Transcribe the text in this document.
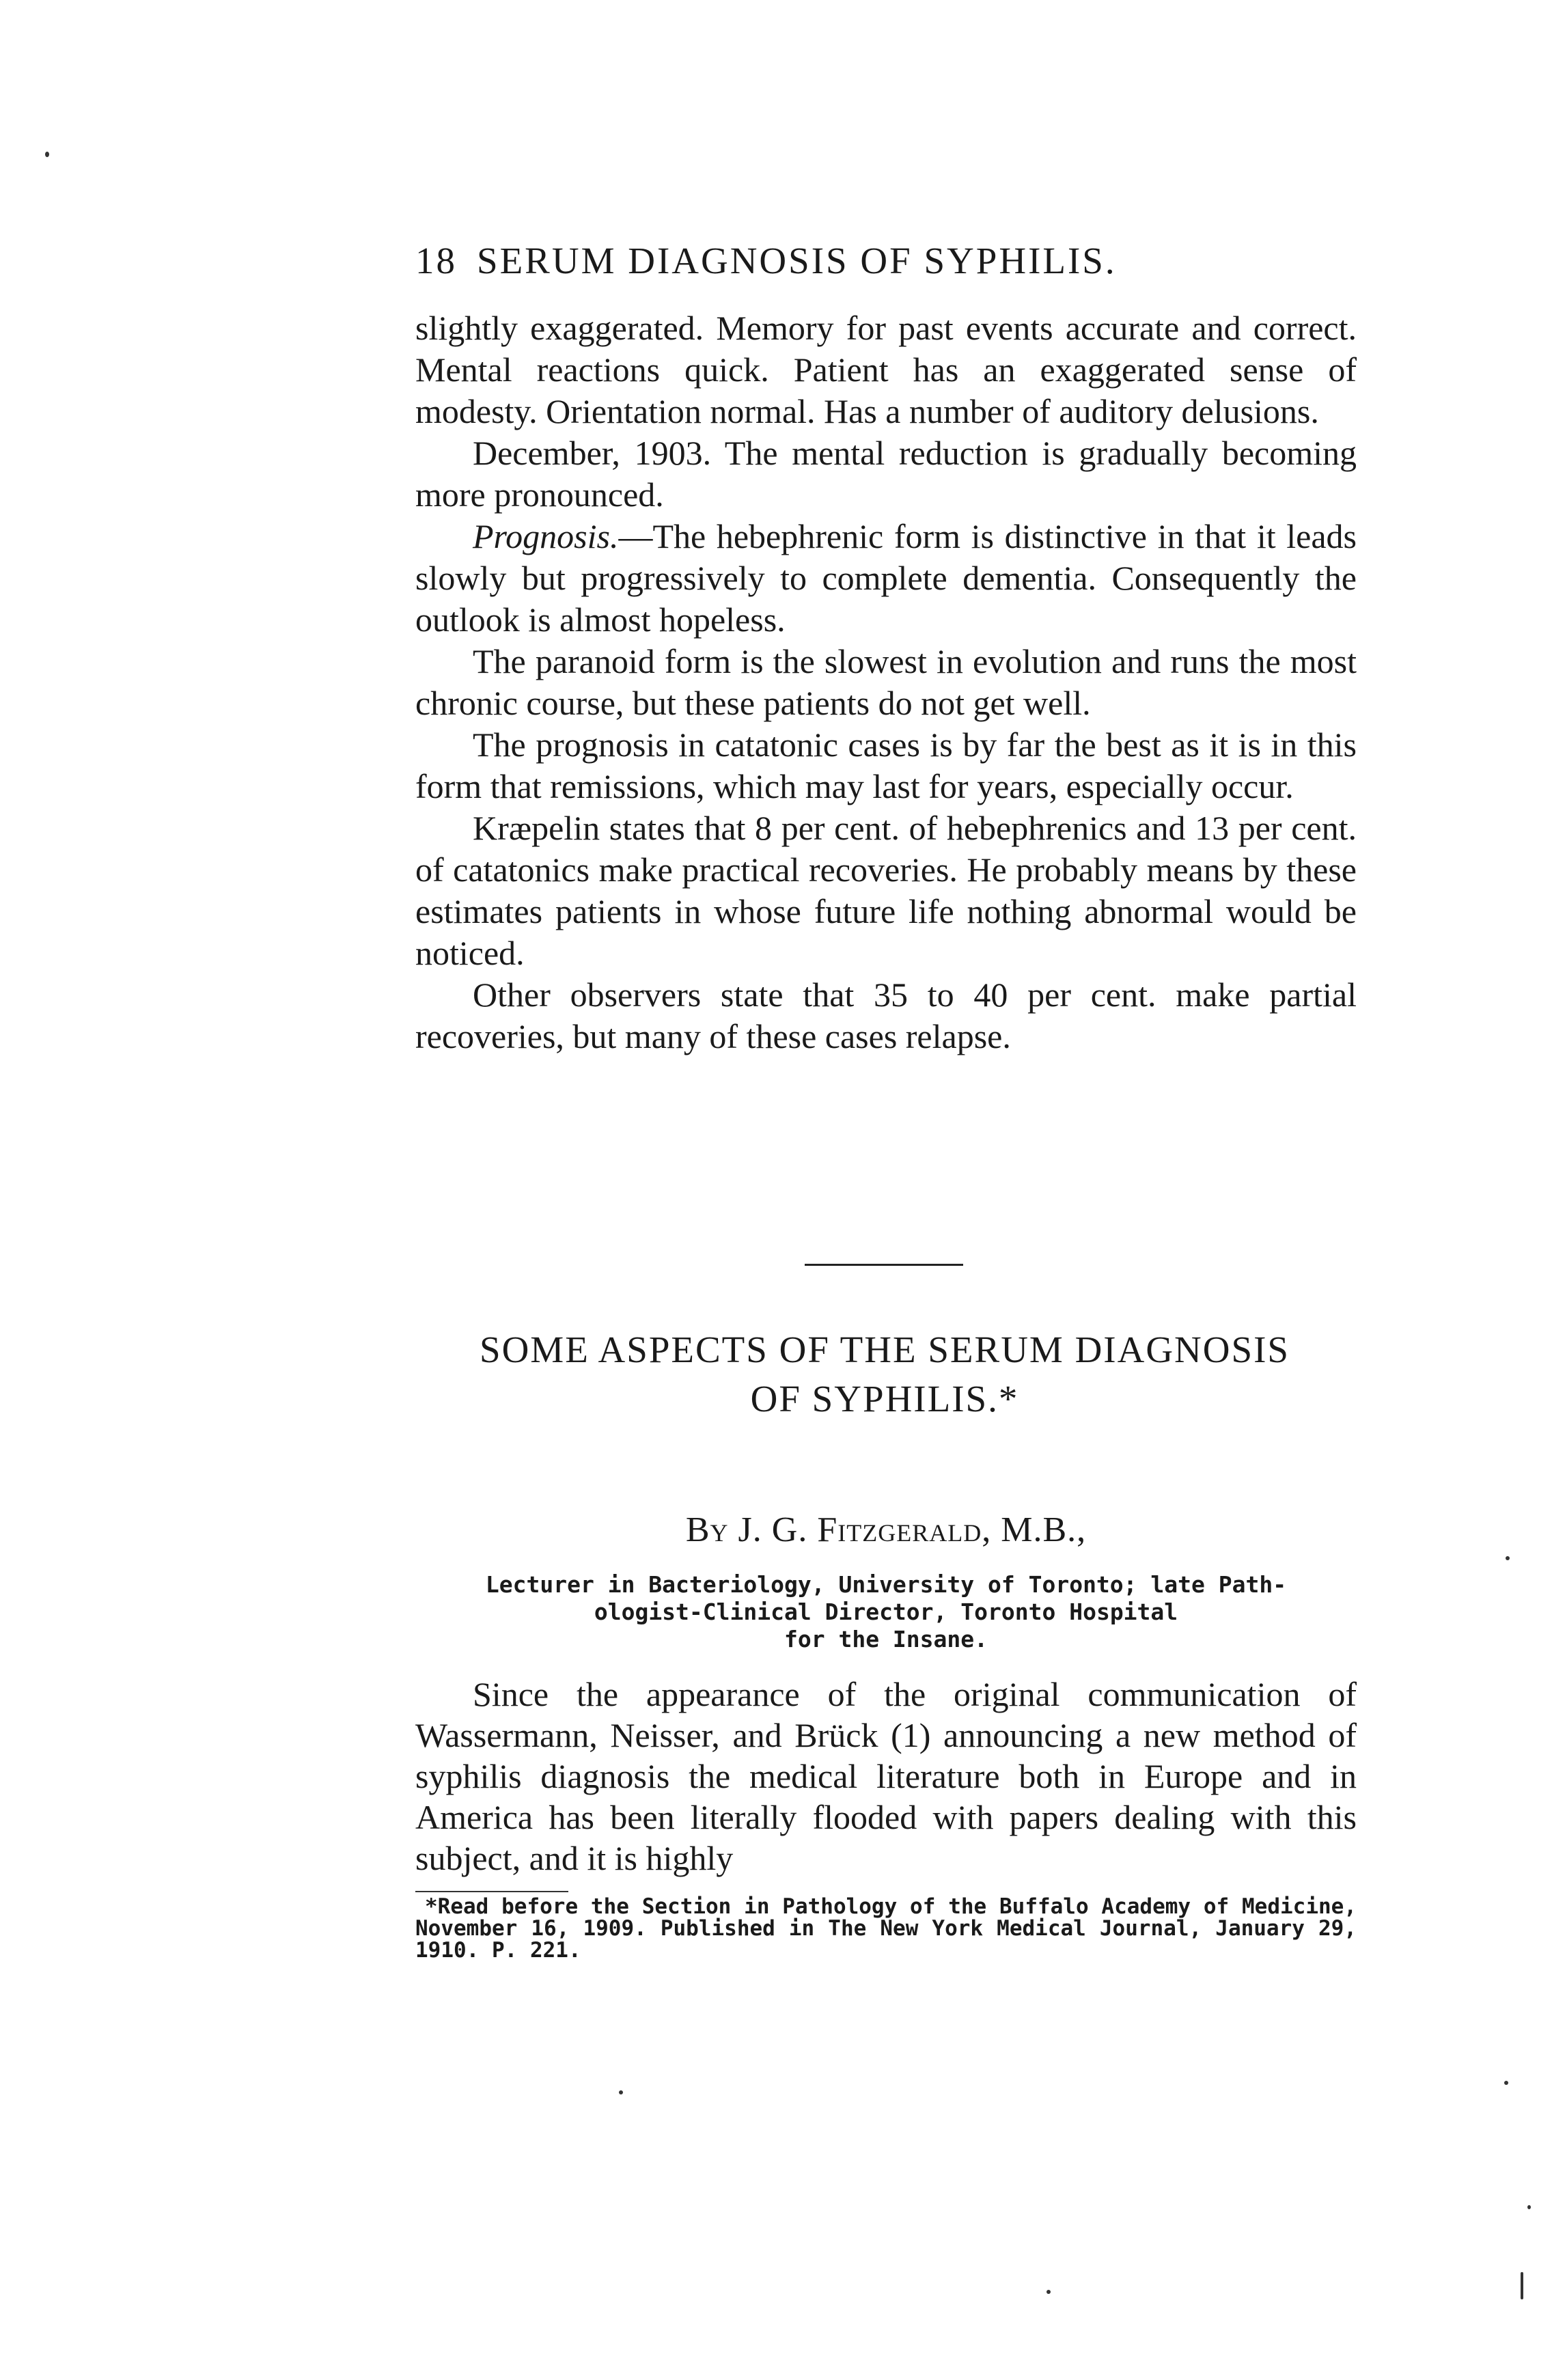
18 SERUM DIAGNOSIS OF SYPHILIS.

slightly exaggerated. Memory for past events accurate and correct. Mental reactions quick. Patient has an exaggerated sense of modesty. Orientation normal. Has a number of auditory delusions.

December, 1903. The mental reduction is gradually becoming more pronounced.

Prognosis.—The hebephrenic form is distinctive in that it leads slowly but progressively to complete dementia. Consequently the outlook is almost hopeless.

The paranoid form is the slowest in evolution and runs the most chronic course, but these patients do not get well.

The prognosis in catatonic cases is by far the best as it is in this form that remissions, which may last for years, especially occur.

Kræpelin states that 8 per cent. of hebephrenics and 13 per cent. of catatonics make practical recoveries. He probably means by these estimates patients in whose future life nothing abnormal would be noticed.

Other observers state that 35 to 40 per cent. make partial recoveries, but many of these cases relapse.

SOME ASPECTS OF THE SERUM DIAGNOSIS
OF SYPHILIS.*
By J. G. Fitzgerald, M.B.,
Lecturer in Bacteriology, University of Toronto; late Path-
ologist-Clinical Director, Toronto Hospital
for the Insane.

Since the appearance of the original communication of Wassermann, Neisser, and Brück (1) announcing a new method of syphilis diagnosis the medical literature both in Europe and in America has been literally flooded with papers dealing with this subject, and it is highly

*Read before the Section in Pathology of the Buffalo Academy of Medicine, November 16, 1909. Published in The New York Medical Journal, January 29, 1910. P. 221.
